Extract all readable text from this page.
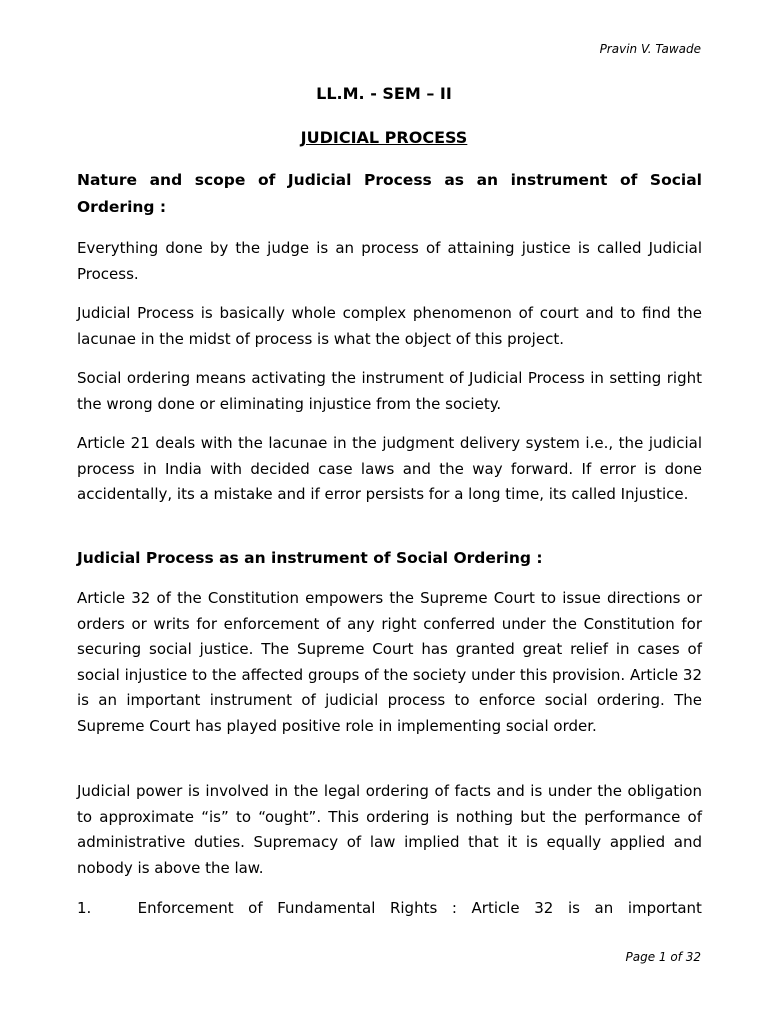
Pravin V. Tawade
LL.M. - SEM – II
JUDICIAL PROCESS
Nature and scope of Judicial Process as an instrument of Social Ordering :
Everything done by the judge is an process of attaining justice is called Judicial Process.
Judicial Process is basically whole complex phenomenon of court and to find the lacunae in the midst of process is what the object of this project.
Social ordering means activating the instrument of Judicial Process in setting right the wrong done or eliminating injustice from the society.
Article 21 deals with the lacunae in the judgment delivery system i.e., the judicial process in India with decided case laws and the way forward. If error is done accidentally, its a mistake and if error persists for a long time, its called Injustice.
Judicial Process as an instrument of Social Ordering :
Article 32 of the Constitution empowers the Supreme Court to issue directions or orders or writs for enforcement of any right conferred under the Constitution for securing social justice. The Supreme Court has granted great relief in cases of social injustice to the affected groups of the society under this provision. Article 32 is an important instrument of judicial process to enforce social ordering. The Supreme Court has played positive role in implementing social order.
Judicial power is involved in the legal ordering of facts and is under the obligation to approximate “is” to “ought”. This ordering is nothing but the performance of administrative duties. Supremacy of law implied that it is equally applied and nobody is above the law.
1.	Enforcement of Fundamental Rights : Article 32 is an important
Page 1 of 32
